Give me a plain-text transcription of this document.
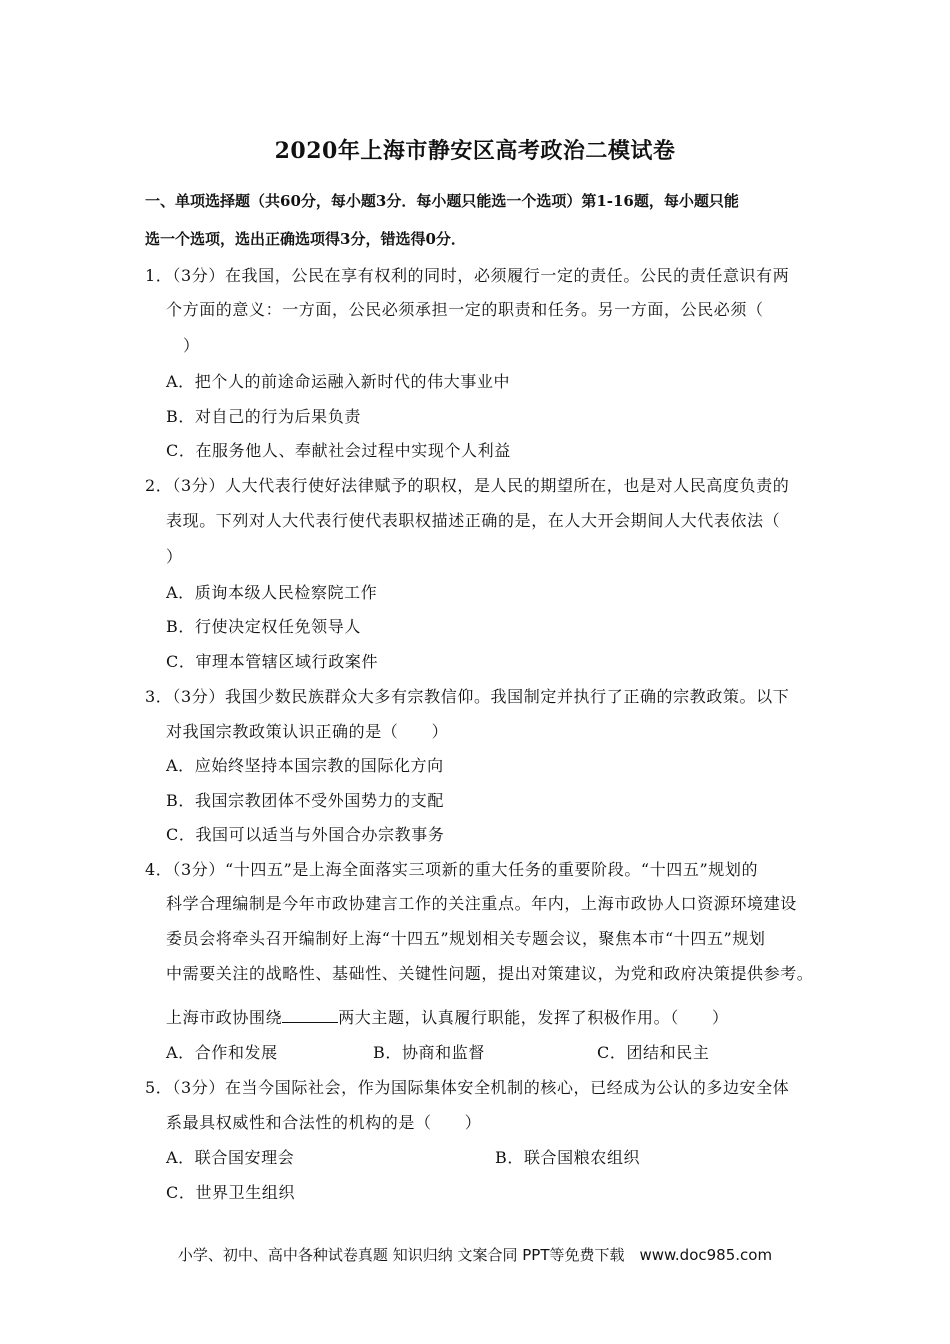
2020年上海市静安区高考政治二模试卷
一、单项选择题（共60分，每小题3分．每小题只能选一个选项）第1-16题，每小题只能
选一个选项，选出正确选项得3分，错选得0分．
1．（3分）在我国，公民在享有权利的同时，必须履行一定的责任。公民的责任意识有两
个方面的意义：一方面，公民必须承担一定的职责和任务。另一方面，公民必须（
）
A．把个人的前途命运融入新时代的伟大事业中
B．对自己的行为后果负责
C．在服务他人、奉献社会过程中实现个人利益
2．（3分）人大代表行使好法律赋予的职权，是人民的期望所在，也是对人民高度负责的
表现。下列对人大代表行使代表职权描述正确的是，在人大开会期间人大代表依法（
）
A．质询本级人民检察院工作
B．行使决定权任免领导人
C．审理本管辖区域行政案件
3．（3分）我国少数民族群众大多有宗教信仰。我国制定并执行了正确的宗教政策。以下
对我国宗教政策认识正确的是（　　）
A．应始终坚持本国宗教的国际化方向
B．我国宗教团体不受外国势力的支配
C．我国可以适当与外国合办宗教事务
4．（3分）“十四五”是上海全面落实三项新的重大任务的重要阶段。“十四五”规划的
科学合理编制是今年市政协建言工作的关注重点。年内，上海市政协人口资源环境建设
委员会将牵头召开编制好上海“十四五”规划相关专题会议，聚焦本市“十四五”规划
中需要关注的战略性、基础性、关键性问题，提出对策建议，为党和政府决策提供参考。
上海市政协围绕	两大主题，认真履行职能，发挥了积极作用。（　　）
A．合作和发展	B．协商和监督	C．团结和民主
5．（3分）在当今国际社会，作为国际集体安全机制的核心，已经成为公认的多边安全体
系最具权威性和合法性的机构的是（　　）
A．联合国安理会	B．联合国粮农组织
C．世界卫生组织
小学、初中、高中各种试卷真题 知识归纳 文案合同 PPT等免费下载　www.doc985.com
